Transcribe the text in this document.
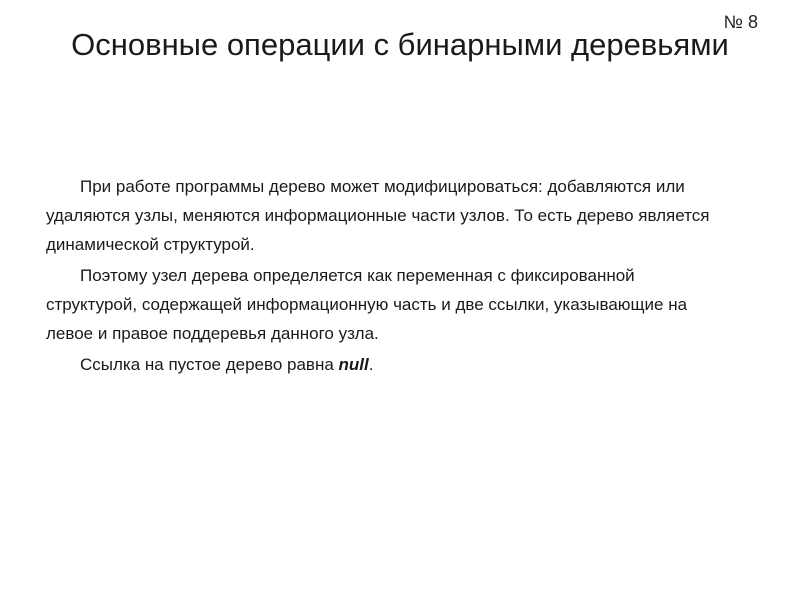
№ 8
Основные операции с бинарными деревьями

При работе программы дерево может модифицироваться: добавляются или удаляются узлы, меняются информационные части узлов. То есть дерево является динамической структурой.

Поэтому узел дерева определяется как переменная с фиксированной структурой, содержащей информационную часть и две ссылки, указывающие на левое и правое поддеревья данного узла.

Ссылка на пустое дерево равна null.
